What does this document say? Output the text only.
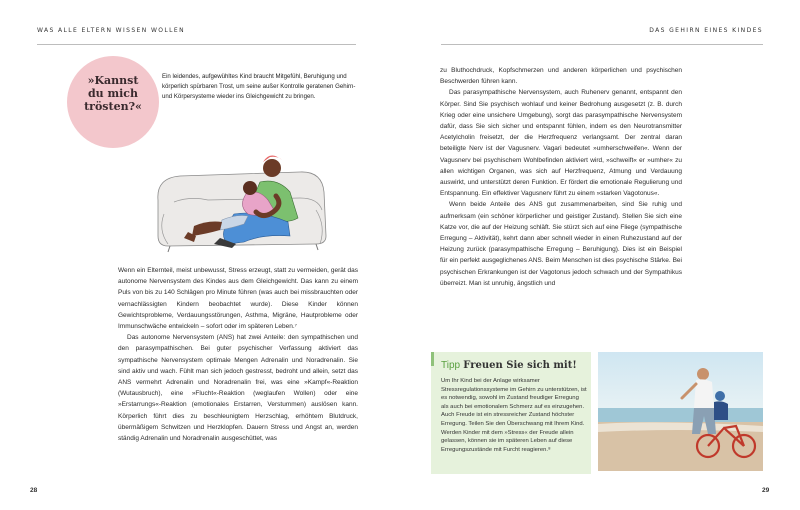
WAS ALLE ELTERN WISSEN WOLLEN	DAS GEHIRN EINES KINDES
»Kannst
du mich
trösten?«
Ein leidendes, aufgewühltes Kind braucht Mitgefühl, Beruhigung und körperlich spürbaren Trost, um seine außer Kontrolle geratenen Gehirn- und Körpersysteme wieder ins Gleichgewicht zu bringen.

Wenn ein Elternteil, meist unbewusst, Stress erzeugt, statt zu vermeiden, gerät das autonome Nervensystem des Kindes aus dem Gleichgewicht. Das kann zu einem Puls von bis zu 140 Schlägen pro Minute führen (was auch bei missbrauchten oder vernachlässigten Kindern beobachtet wurde). Diese Kinder können Gewichtsprobleme, Verdauungsstörungen, Asthma, Migräne, Hautprobleme oder Immunschwäche entwickeln – sofort oder im späteren Leben.⁷

Das autonome Nervensystem (ANS) hat zwei Anteile: den sympathischen und den parasympathischen. Bei guter psychischer Verfassung aktiviert das sympathische Nervensystem optimale Mengen Adrenalin und Noradrenalin. Sie sind aktiv und wach. Fühlt man sich jedoch gestresst, bedroht und allein, setzt das ANS vermehrt Adrenalin und Noradrenalin frei, was eine »Kampf«-Reaktion (Wutausbruch), eine »Flucht«-Reaktion (weglaufen Wollen) oder eine »Erstarrungs«-Reaktion (emotionales Erstarren, Verstummen) auslösen kann. Körperlich führt dies zu beschleunigtem Herzschlag, erhöhtem Blutdruck, übermäßigem Schwitzen und Herzklopfen. Dauern Stress und Angst an, werden ständig Adrenalin und Noradrenalin ausgeschüttet, was

zu Bluthochdruck, Kopfschmerzen und anderen körperlichen und psychischen Beschwerden führen kann.

Das parasympathische Nervensystem, auch Ruhenerv genannt, entspannt den Körper. Sind Sie psychisch wohlauf und keiner Bedrohung ausgesetzt (z. B. durch Krieg oder eine unsichere Umgebung), sorgt das parasympathische Nervensystem dafür, dass Sie sich sicher und entspannt fühlen, indem es den Neurotransmitter Acetylcholin freisetzt, der die Herzfrequenz verlangsamt. Der zentral daran beteiligte Nerv ist der Vagusnerv. Vagari bedeutet »umherschweifen«. Wenn der Vagusnerv bei psychischem Wohlbefinden aktiviert wird, »schweift« er »umher« zu allen wichtigen Organen, was sich auf Herzfrequenz, Atmung und Verdauung auswirkt, und unterstützt deren Funktion. Er fördert die emotionale Regulierung und Entspannung. Ein effektiver Vagusnerv führt zu einem »starken Vagotonus«.

Wenn beide Anteile des ANS gut zusammenarbeiten, sind Sie ruhig und aufmerksam (ein schöner körperlicher und geistiger Zustand). Stellen Sie sich eine Katze vor, die auf der Heizung schläft. Sie stürzt sich auf eine Fliege (sympathische Erregung – Aktivität), kehrt dann aber schnell wieder in einen Ruhezustand auf der Heizung zurück (parasympathische Erregung – Beruhigung). Dies ist ein Beispiel für ein perfekt ausgeglichenes ANS. Beim Menschen ist dies psychische Stärke. Bei psychischen Erkrankungen ist der Vagotonus jedoch schwach und der Sympathikus überreizt. Man ist unruhig, ängstlich und

Tipp Freuen Sie sich mit!
Um Ihr Kind bei der Anlage wirksamer Stressregulationssysteme im Gehirn zu unterstützen, ist es notwendig, sowohl im Zustand freudiger Erregung als auch bei emotionalem Schmerz auf es einzugehen. Auch Freude ist ein stressreicher Zustand höchster Erregung. Teilen Sie den Überschwang mit Ihrem Kind. Werden Kinder mit dem »Stress« der Freude allein gelassen, können sie im späteren Leben auf diese Erregungszustände mit Furcht reagieren.⁸
28	29
